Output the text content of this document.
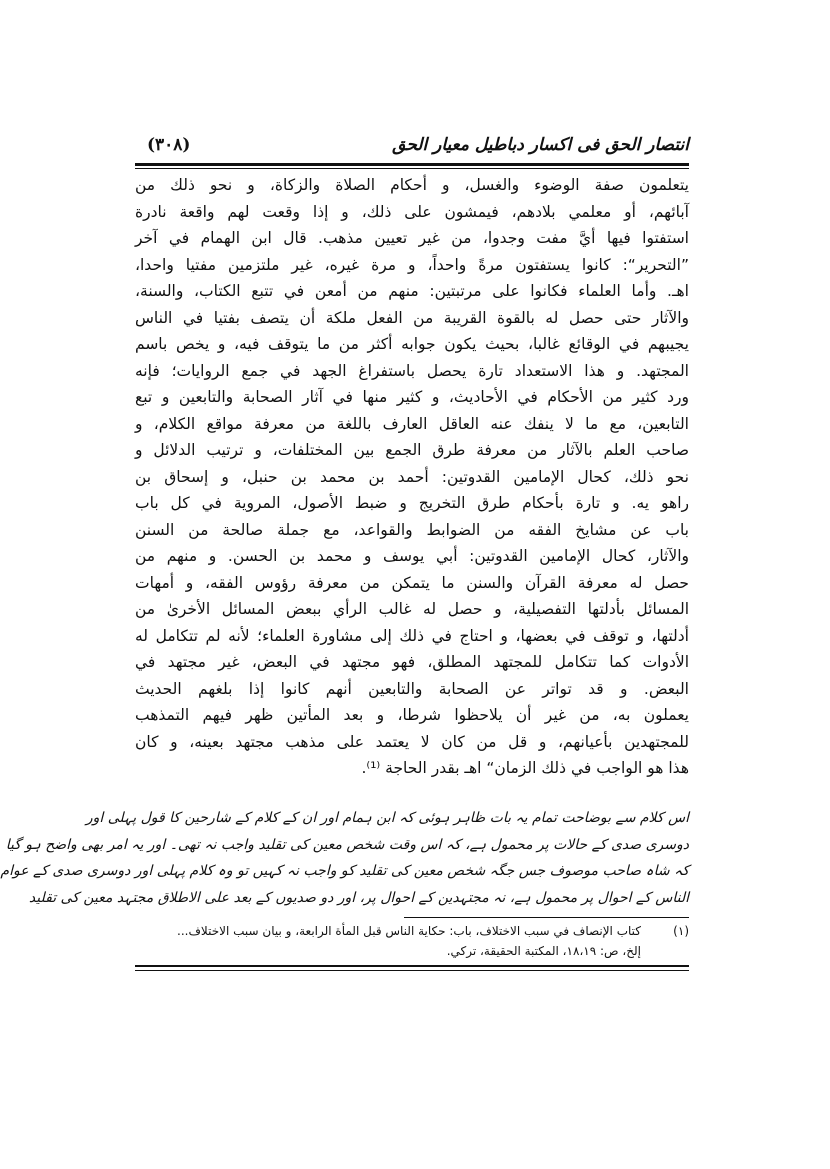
انتصار الحق فى اكسار دباطيل معيار الحق
(۳۰۸)
يتعلمون صفة الوضوء والغسل، و أحكام الصلاة والزكاة، و نحو ذلك من
آبائهم، أو معلمي بلادهم، فيمشون على ذلك، و إذا وقعت لهم واقعة نادرة
استفتوا فيها أيَّ مفت وجدوا، من غير تعيين مذهب. قال ابن الهمام في آخر
”التحرير“: كانوا يستفتون مرةً واحداً، و مرة غيره، غير ملتزمين مفتيا واحدا،
اهـ. وأما العلماء فكانوا على مرتبتين: منهم من أمعن في تتبع الكتاب، والسنة،
والآثار حتى حصل له بالقوة القريبة من الفعل ملكة أن يتصف بفتيا في الناس
يجيبهم في الوقائع غالبا، بحيث يكون جوابه أكثر من ما يتوقف فيه، و يخص باسم
المجتهد. و هذا الاستعداد تارة يحصل باستفراغ الجهد في جمع الروايات؛ فإنه
ورد كثير من الأحكام في الأحاديث، و كثير منها في آثار الصحابة والتابعين و تبع
التابعين، مع ما لا ينفك عنه العاقل العارف باللغة من معرفة مواقع الكلام، و
صاحب العلم بالآثار من معرفة طرق الجمع بين المختلفات، و ترتيب الدلائل و
نحو ذلك، كحال الإمامين القدوتين: أحمد بن محمد بن حنبل، و إسحاق بن
راهو يه. و تارة بأحكام طرق التخريج و ضبط الأصول، المروية في كل باب
باب عن مشايخ الفقه من الضوابط والقواعد، مع جملة صالحة من السنن
والآثار، كحال الإمامين القدوتين: أبي يوسف و محمد بن الحسن. و منهم من
حصل له معرفة القرآن والسنن ما يتمكن من معرفة رؤوس الفقه، و أمهات
المسائل بأدلتها التفصيلية، و حصل له غالب الرأي ببعض المسائل الأخرىٰ من
أدلتها، و توقف في بعضها، و احتاج في ذلك إلى مشاورة العلماء؛ لأنه لم تتكامل له
الأدوات كما تتكامل للمجتهد المطلق، فهو مجتهد في البعض، غير مجتهد في
البعض. و قد تواتر عن الصحابة والتابعين أنهم كانوا إذا بلغهم الحديث
يعملون به، من غير أن يلاحظوا شرطا، و بعد المأتين ظهر فيهم التمذهب
للمجتهدين بأعيانهم، و قل من كان لا يعتمد على مذهب مجتهد بعينه، و كان
هذا هو الواجب في ذلك الزمان“ اهـ بقدر الحاجة ⁽¹⁾.
اس کلام سے بوضاحت تمام یہ بات ظاہر ہوئی کہ ابن ہمام اور ان کے کلام کے شارحین کا قول پہلی اور
دوسری صدی کے حالات پر محمول ہے، کہ اس وقت شخص معین کی تقلید واجب نہ تھی۔ اور یہ امر بھی واضح ہو گیا
کہ شاہ صاحب موصوف جس جگہ شخص معین کی تقلید کو واجب نہ کہیں تو وہ کلام پہلی اور دوسری صدی کے عوام
الناس کے احوال پر محمول ہے، نہ مجتہدین کے احوال پر، اور دو صدیوں کے بعد علی الاطلاق مجتہد معین کی تقلید
(۱)
كتاب الإنصاف في سبب الاختلاف، باب: حكاية الناس قبل المأة الرابعة، و بيان سبب الاختلاف...
إلخ، ص: ۱۸،۱۹، المكتبة الحقيقة، تركي.
